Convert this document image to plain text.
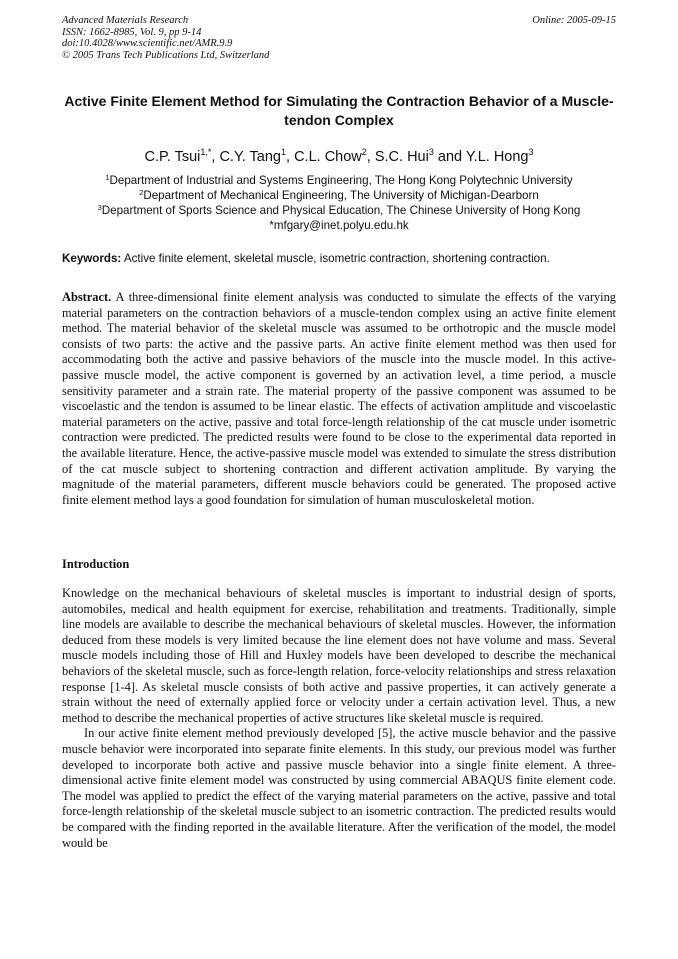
Advanced Materials Research
ISSN: 1662-8985, Vol. 9, pp 9-14
doi:10.4028/www.scientific.net/AMR.9.9
© 2005 Trans Tech Publications Ltd, Switzerland
Online: 2005-09-15
Active Finite Element Method for Simulating the Contraction Behavior of a Muscle-tendon Complex
C.P. Tsui$^{1,*}$, C.Y. Tang$^1$, C.L. Chow$^2$, S.C. Hui$^3$ and Y.L. Hong$^3$
$^1$Department of Industrial and Systems Engineering, The Hong Kong Polytechnic University
$^2$Department of Mechanical Engineering, The University of Michigan-Dearborn
$^3$Department of Sports Science and Physical Education, The Chinese University of Hong Kong
*mfgary@inet.polyu.edu.hk
Keywords: Active finite element, skeletal muscle, isometric contraction, shortening contraction.
Abstract. A three-dimensional finite element analysis was conducted to simulate the effects of the varying material parameters on the contraction behaviors of a muscle-tendon complex using an active finite element method. The material behavior of the skeletal muscle was assumed to be orthotropic and the muscle model consists of two parts: the active and the passive parts. An active finite element method was then used for accommodating both the active and passive behaviors of the muscle into the muscle model. In this active-passive muscle model, the active component is governed by an activation level, a time period, a muscle sensitivity parameter and a strain rate. The material property of the passive component was assumed to be viscoelastic and the tendon is assumed to be linear elastic. The effects of activation amplitude and viscoelastic material parameters on the active, passive and total force-length relationship of the cat muscle under isometric contraction were predicted. The predicted results were found to be close to the experimental data reported in the available literature. Hence, the active-passive muscle model was extended to simulate the stress distribution of the cat muscle subject to shortening contraction and different activation amplitude. By varying the magnitude of the material parameters, different muscle behaviors could be generated. The proposed active finite element method lays a good foundation for simulation of human musculoskeletal motion.
Introduction

Knowledge on the mechanical behaviours of skeletal muscles is important to industrial design of sports, automobiles, medical and health equipment for exercise, rehabilitation and treatments. Traditionally, simple line models are available to describe the mechanical behaviours of skeletal muscles. However, the information deduced from these models is very limited because the line element does not have volume and mass. Several muscle models including those of Hill and Huxley models have been developed to describe the mechanical behaviors of the skeletal muscle, such as force-length relation, force-velocity relationships and stress relaxation response [1-4]. As skeletal muscle consists of both active and passive properties, it can actively generate a strain without the need of externally applied force or velocity under a certain activation level. Thus, a new method to describe the mechanical properties of active structures like skeletal muscle is required.

In our active finite element method previously developed [5], the active muscle behavior and the passive muscle behavior were incorporated into separate finite elements. In this study, our previous model was further developed to incorporate both active and passive muscle behavior into a single finite element. A three-dimensional active finite element model was constructed by using commercial ABAQUS finite element code. The model was applied to predict the effect of the varying material parameters on the active, passive and total force-length relationship of the skeletal muscle subject to an isometric contraction. The predicted results would be compared with the finding reported in the available literature. After the verification of the model, the model would be
